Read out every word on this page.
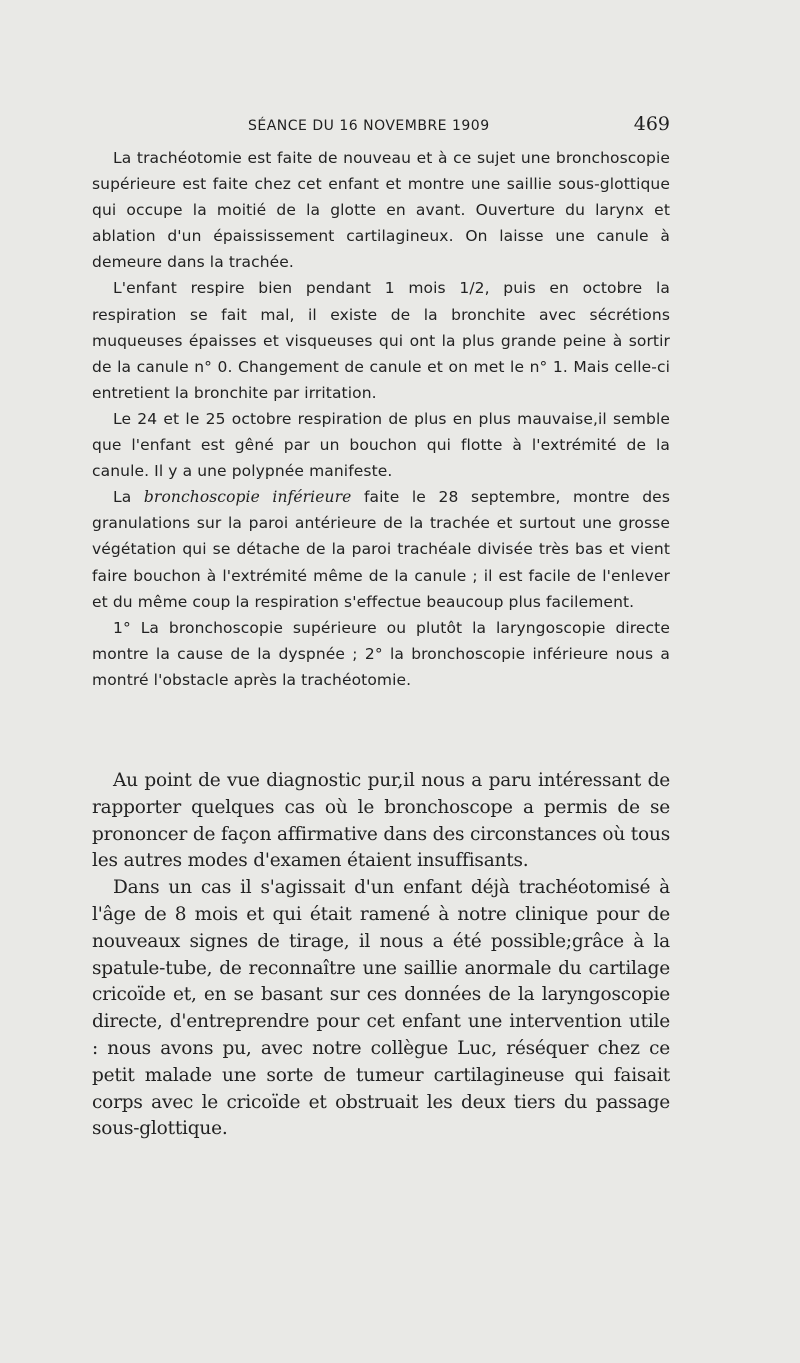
SÉANCE DU 16 NOVEMBRE 1909	469

La trachéotomie est faite de nouveau et à ce sujet une bronchoscopie supérieure est faite chez cet enfant et montre une saillie sous-glottique qui occupe la moitié de la glotte en avant. Ouverture du larynx et ablation d'un épaississement cartilagineux. On laisse une canule à demeure dans la trachée.

L'enfant respire bien pendant 1 mois 1/2, puis en octobre la respiration se fait mal, il existe de la bronchite avec sécrétions muqueuses épaisses et visqueuses qui ont la plus grande peine à sortir de la canule n° 0. Changement de canule et on met le n° 1. Mais celle-ci entretient la bronchite par irritation.

Le 24 et le 25 octobre respiration de plus en plus mauvaise,il semble que l'enfant est gêné par un bouchon qui flotte à l'extrémité de la canule. Il y a une polypnée manifeste.

La bronchoscopie inférieure faite le 28 septembre, montre des granulations sur la paroi antérieure de la trachée et surtout une grosse végétation qui se détache de la paroi trachéale divisée très bas et vient faire bouchon à l'extrémité même de la canule ; il est facile de l'enlever et du même coup la respiration s'effectue beaucoup plus facilement.

1° La bronchoscopie supérieure ou plutôt la laryngoscopie directe montre la cause de la dyspnée ; 2° la bronchoscopie inférieure nous a montré l'obstacle après la trachéotomie.

Au point de vue diagnostic pur,il nous a paru intéressant de rapporter quelques cas où le bronchoscope a permis de se prononcer de façon affirmative dans des circonstances où tous les autres modes d'examen étaient insuffisants.

Dans un cas il s'agissait d'un enfant déjà trachéotomisé à l'âge de 8 mois et qui était ramené à notre clinique pour de nouveaux signes de tirage, il nous a été possible;grâce à la spatule-tube, de reconnaître une saillie anormale du cartilage cricoïde et, en se basant sur ces données de la laryngoscopie directe, d'entreprendre pour cet enfant une intervention utile : nous avons pu, avec notre collègue Luc, réséquer chez ce petit malade une sorte de tumeur cartilagineuse qui faisait corps avec le cricoïde et obstruait les deux tiers du passage sous-glottique.
